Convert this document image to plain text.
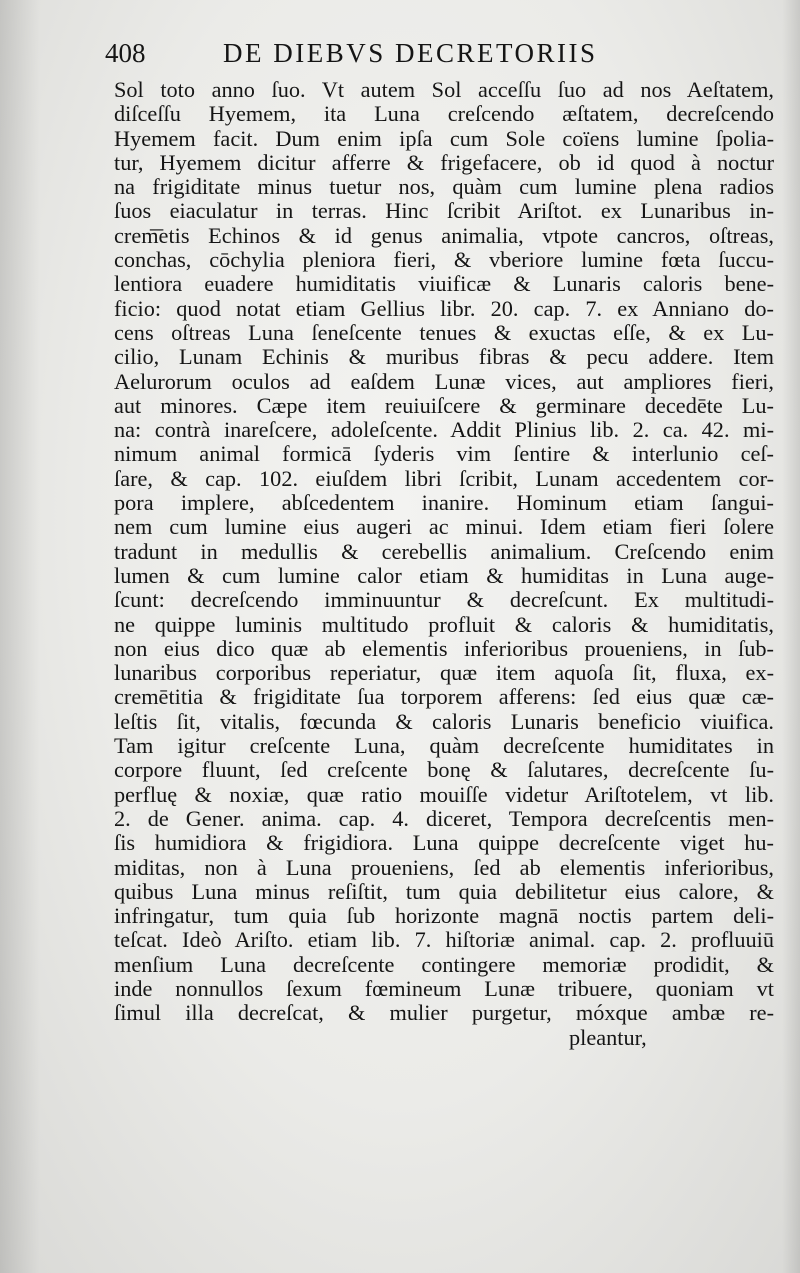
408	DE DIEBVS DECRETORIIS
Sol toto anno ſuo. Vt autem Sol acceſſu ſuo ad nos Aeſtatem,
diſceſſu Hyemem, ita Luna creſcendo æſtatem, decreſcendo
Hyemem facit. Dum enim ipſa cum Sole coïens lumine ſpolia-
tur, Hyemem dicitur afferre & frigefacere, ob id quod à noctur
na frigiditate minus tuetur nos, quàm cum lumine plena radios
ſuos eiaculatur in terras. Hinc ſcribit Ariſtot. ex Lunaribus in-
crem͞etis Echinos & id genus animalia, vtpote cancros, oſtreas,
conchas, cōchylia pleniora fieri, & vberiore lumine fœta ſuccu-
lentiora euadere humiditatis viuificæ & Lunaris caloris bene-
ficio: quod notat etiam Gellius libr. 20. cap. 7. ex Anniano do-
cens oſtreas Luna ſeneſcente tenues & exuctas eſſe, & ex Lu-
cilio, Lunam Echinis & muribus fibras & pecu addere. Item
Aelurorum oculos ad eaſdem Lunæ vices, aut ampliores fieri,
aut minores. Cæpe item reuiuiſcere & germinare decedēte Lu-
na: contrà inareſcere, adoleſcente. Addit Plinius lib. 2. ca. 42. mi-
nimum animal formicā ſyderis vim ſentire & interlunio ceſ-
ſare, & cap. 102. eiuſdem libri ſcribit, Lunam accedentem cor-
pora implere, abſcedentem inanire. Hominum etiam ſangui-
nem cum lumine eius augeri ac minui. Idem etiam fieri ſolere
tradunt in medullis & cerebellis animalium. Creſcendo enim
lumen & cum lumine calor etiam & humiditas in Luna auge-
ſcunt: decreſcendo imminuuntur & decreſcunt. Ex multitudi-
ne quippe luminis multitudo profluit & caloris & humiditatis,
non eius dico quæ ab elementis inferioribus proueniens, in ſub-
lunaribus corporibus reperiatur, quæ item aquoſa ſit, fluxa, ex-
cremētitia & frigiditate ſua torporem afferens: ſed eius quæ cæ-
leſtis ſit, vitalis, fœcunda & caloris Lunaris beneficio viuifica.
Tam igitur creſcente Luna, quàm decreſcente humiditates in
corpore fluunt, ſed creſcente bonę & ſalutares, decreſcente ſu-
perfluę & noxiæ, quæ ratio mouiſſe videtur Ariſtotelem, vt lib.
2. de Gener. anima. cap. 4. diceret, Tempora decreſcentis men-
ſis humidiora & frigidiora. Luna quippe decreſcente viget hu-
miditas, non à Luna proueniens, ſed ab elementis inferioribus,
quibus Luna minus reſiſtit, tum quia debilitetur eius calore, &
infringatur, tum quia ſub horizonte magnā noctis partem deli-
teſcat. Ideò Ariſto. etiam lib. 7. hiſtoriæ animal. cap. 2. profluuiū
menſium Luna decreſcente contingere memoriæ prodidit, &
inde nonnullos ſexum fœmineum Lunæ tribuere, quoniam vt
ſimul illa decreſcat, & mulier purgetur, móxque ambæ re-
pleantur,
